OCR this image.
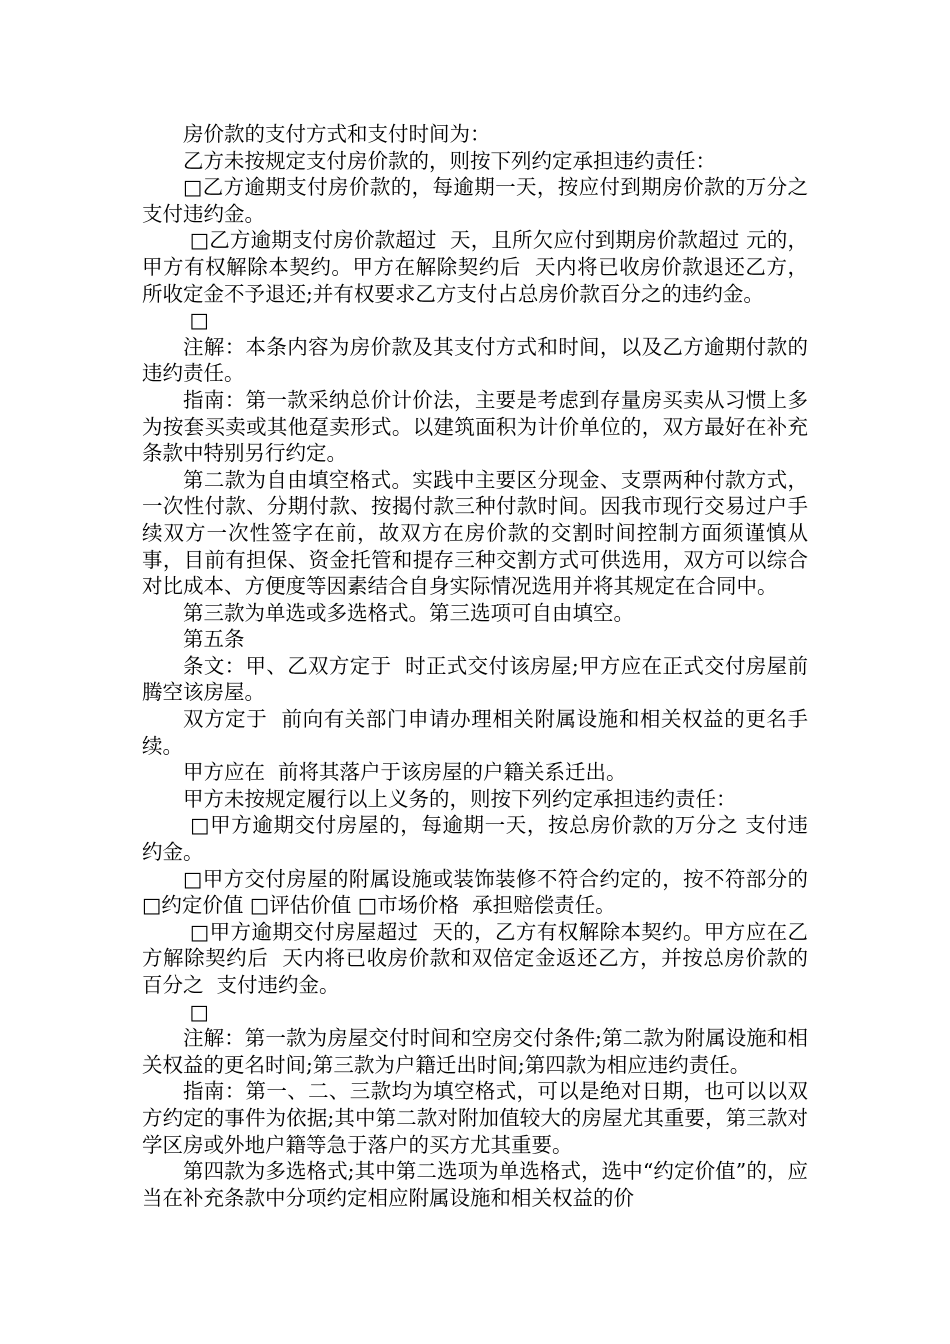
房价款的支付方式和支付时间为：

乙方未按规定支付房价款的，则按下列约定承担违约责任：

□乙方逾期支付房价款的，每逾期一天，按应付到期房价款的万分之  支付违约金。

□乙方逾期支付房价款超过  天，且所欠应付到期房价款超过 元的，甲方有权解除本契约。甲方在解除契约后  天内将已收房价款退还乙方，所收定金不予退还;并有权要求乙方支付占总房价款百分之的违约金。

□

注解：本条内容为房价款及其支付方式和时间，以及乙方逾期付款的违约责任。

指南：第一款采纳总价计价法，主要是考虑到存量房买卖从习惯上多为按套买卖或其他趸卖形式。以建筑面积为计价单位的，双方最好在补充条款中特别另行约定。

第二款为自由填空格式。实践中主要区分现金、支票两种付款方式，一次性付款、分期付款、按揭付款三种付款时间。因我市现行交易过户手续双方一次性签字在前，故双方在房价款的交割时间控制方面须谨慎从事，目前有担保、资金托管和提存三种交割方式可供选用，双方可以综合对比成本、方便度等因素结合自身实际情况选用并将其规定在合同中。

第三款为单选或多选格式。第三选项可自由填空。

第五条

条文：甲、乙双方定于  时正式交付该房屋;甲方应在正式交付房屋前腾空该房屋。

双方定于  前向有关部门申请办理相关附属设施和相关权益的更名手续。

甲方应在  前将其落户于该房屋的户籍关系迁出。

甲方未按规定履行以上义务的，则按下列约定承担违约责任：

□甲方逾期交付房屋的，每逾期一天，按总房价款的万分之 支付违约金。

□甲方交付房屋的附属设施或装饰装修不符合约定的，按不符部分的 □约定价值 □评估价值 □市场价格  承担赔偿责任。

□甲方逾期交付房屋超过  天的，乙方有权解除本契约。甲方应在乙方解除契约后  天内将已收房价款和双倍定金返还乙方，并按总房价款的百分之  支付违约金。

□

注解：第一款为房屋交付时间和空房交付条件;第二款为附属设施和相关权益的更名时间;第三款为户籍迁出时间;第四款为相应违约责任。

指南：第一、二、三款均为填空格式，可以是绝对日期，也可以以双方约定的事件为依据;其中第二款对附加值较大的房屋尤其重要，第三款对学区房或外地户籍等急于落户的买方尤其重要。

第四款为多选格式;其中第二选项为单选格式，选中“约定价值”的，应当在补充条款中分项约定相应附属设施和相关权益的价
